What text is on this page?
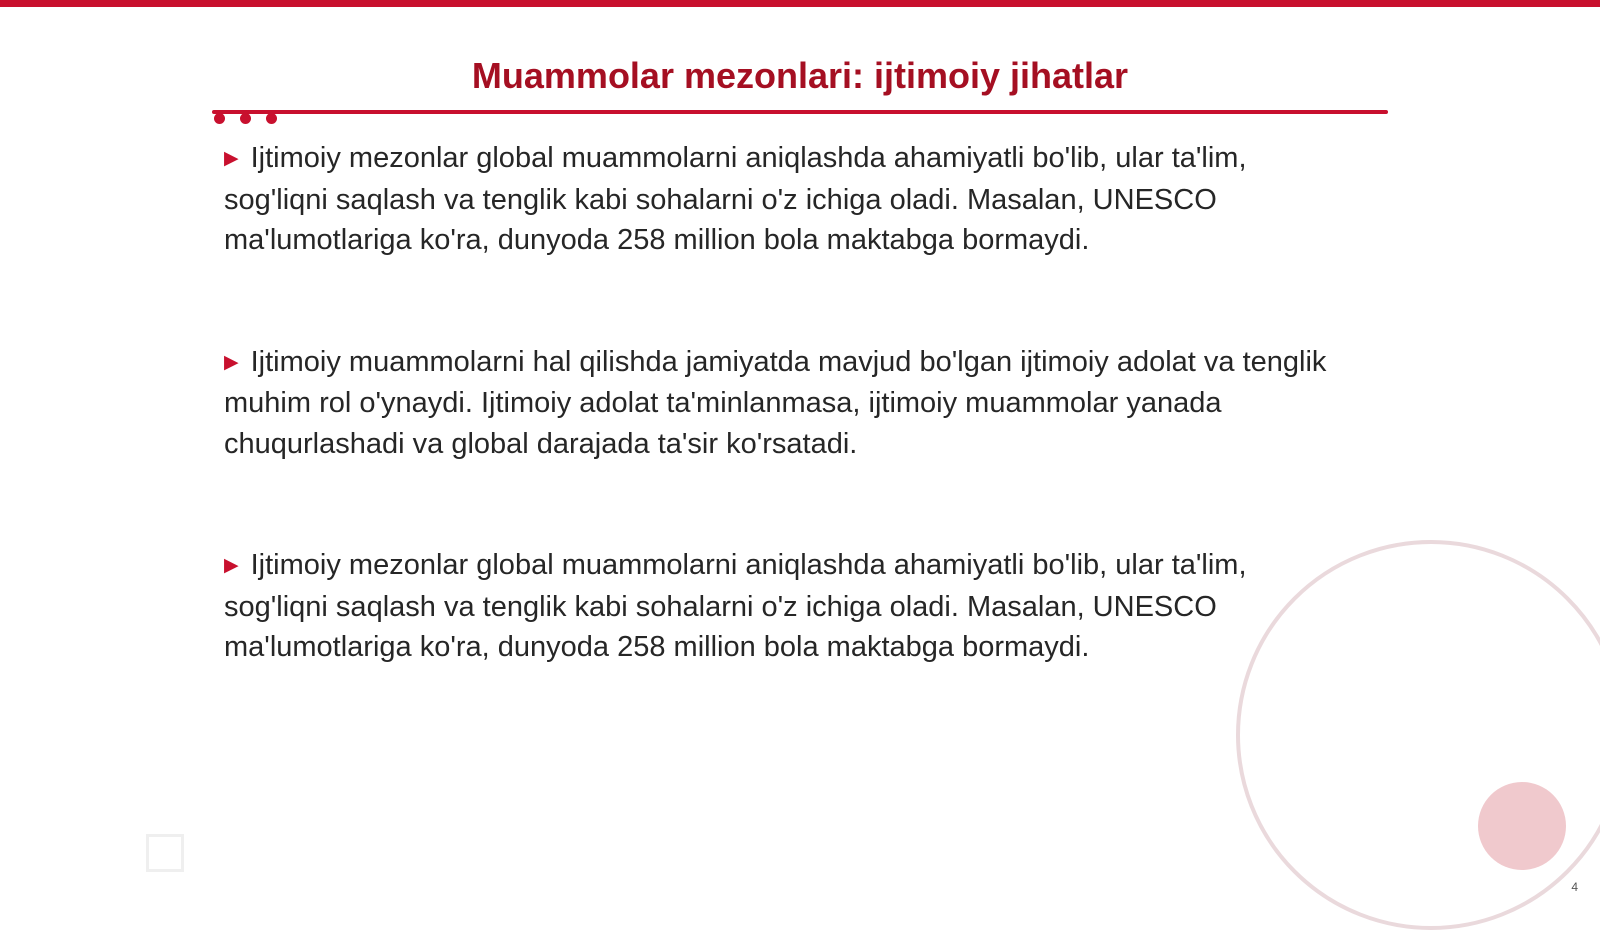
Muammolar mezonlari: ijtimoiy jihatlar

▶ Ijtimoiy mezonlar global muammolarni aniqlashda ahamiyatli bo'lib, ular ta'lim, sog'liqni saqlash va tenglik kabi sohalarni o'z ichiga oladi. Masalan, UNESCO ma'lumotlariga ko'ra, dunyoda 258 million bola maktabga bormaydi.

▶ Ijtimoiy muammolarni hal qilishda jamiyatda mavjud bo'lgan ijtimoiy adolat va tenglik muhim rol o'ynaydi. Ijtimoiy adolat ta'minlanmasa, ijtimoiy muammolar yanada chuqurlashadi va global darajada ta'sir ko'rsatadi.

▶ Ijtimoiy mezonlar global muammolarni aniqlashda ahamiyatli bo'lib, ular ta'lim, sog'liqni saqlash va tenglik kabi sohalarni o'z ichiga oladi. Masalan, UNESCO ma'lumotlariga ko'ra, dunyoda 258 million bola maktabga bormaydi.

4
